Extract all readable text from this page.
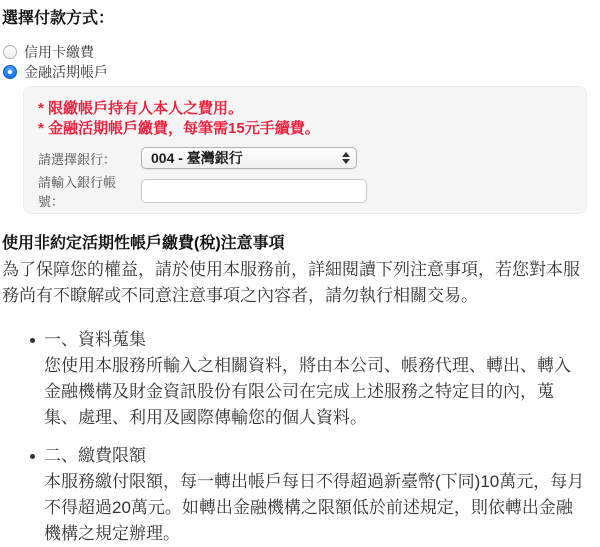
選擇付款方式：
信用卡繳費
金融活期帳戶
* 限繳帳戶持有人本人之費用。
* 金融活期帳戶繳費，每筆需15元手續費。
請選擇銀行：	004 - 臺灣銀行
請輸入銀行帳號：
使用非約定活期性帳戶繳費(稅)注意事項
為了保障您的權益，請於使用本服務前，詳細閱讀下列注意事項，若您對本服
務尚有不瞭解或不同意注意事項之內容者，請勿執行相關交易。
一、資料蒐集
您使用本服務所輸入之相關資料，將由本公司、帳務代理、轉出、轉入
金融機構及財金資訊股份有限公司在完成上述服務之特定目的內，蒐
集、處理、利用及國際傳輸您的個人資料。
二、繳費限額
本服務繳付限額，每一轉出帳戶每日不得超過新臺幣(下同)10萬元，每月
不得超過20萬元。如轉出金融機構之限額低於前述規定，則依轉出金融
機構之規定辦理。
